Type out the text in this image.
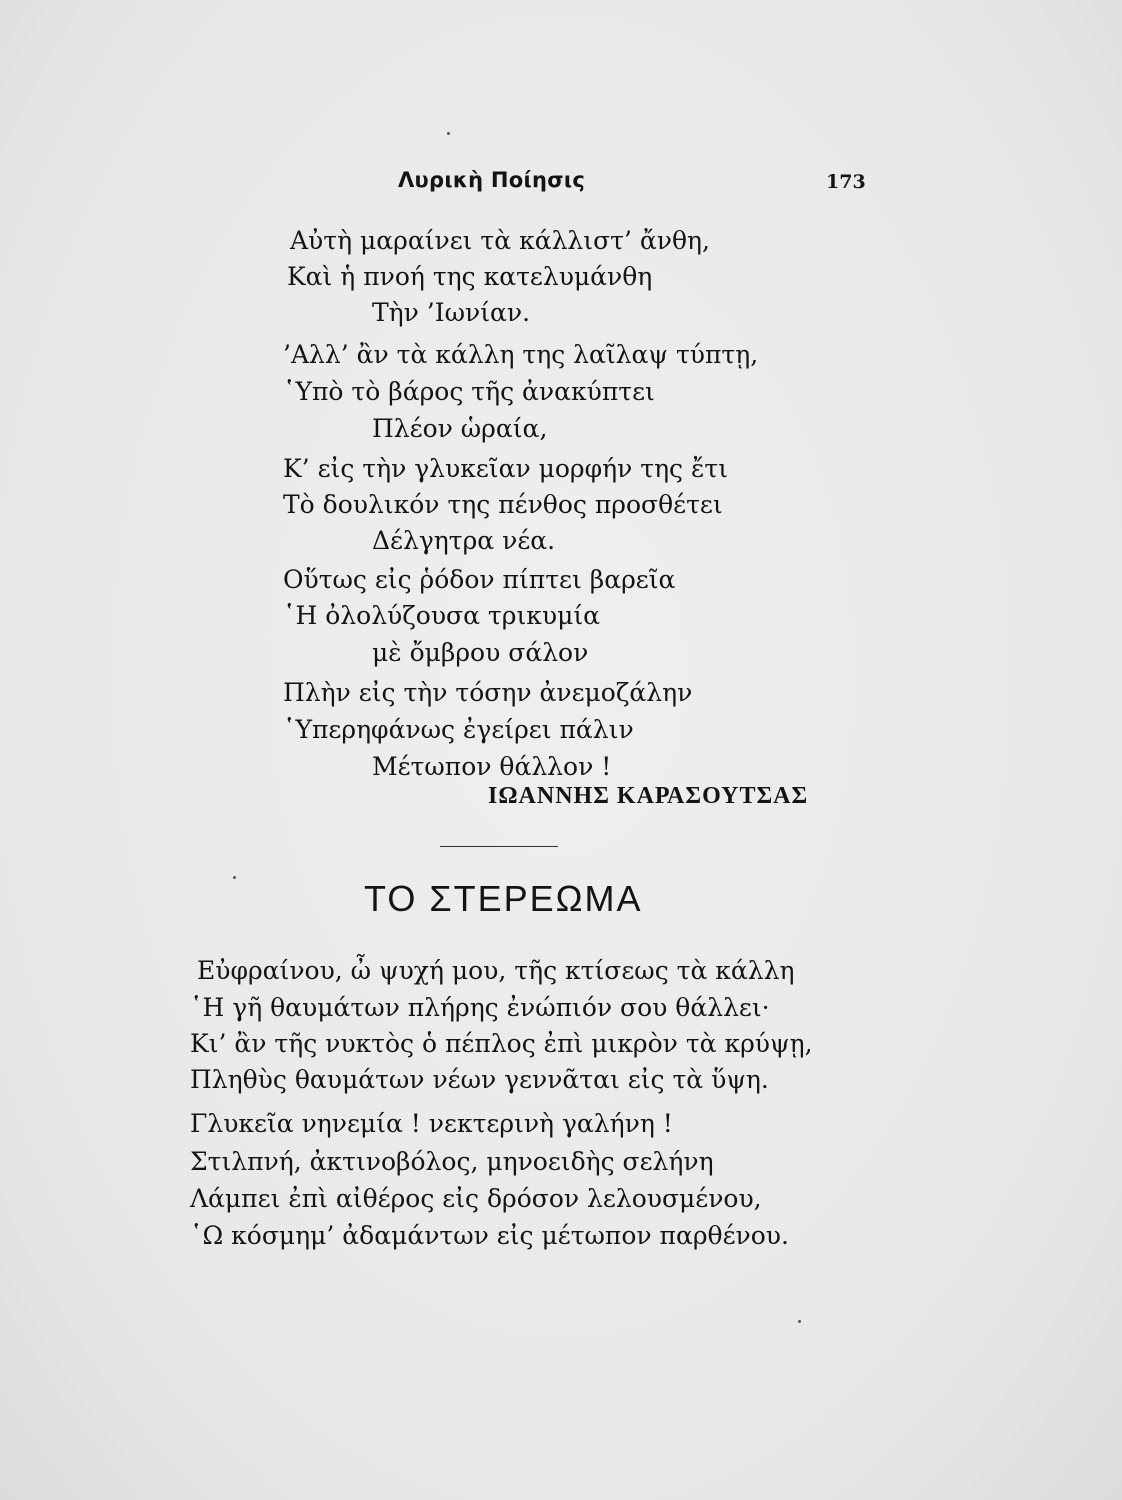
Λυρικὴ Ποίησις	173
Αὐτὴ μαραίνει τὰ κάλλιστ’ ἄνθη,
Καὶ ἡ πνοή της κατελυμάνθη
Τὴν ’Ιωνίαν.
’Αλλ’ ἂν τὰ κάλλη της λαῖλαψ τύπτῃ,
῾Υπὸ τὸ βάρος τῆς ἀνακύπτει
Πλέον ὡραία,
Κ’ εἰς τὴν γλυκεῖαν μορφήν της ἔτι
Τὸ δουλικόν της πένθος προσθέτει
Δέλγητρα νέα.
Οὕτως εἰς ῥόδον πίπτει βαρεῖα
῾Η ὀλολύζουσα τρικυμία
μὲ ὄμβρου σάλον
Πλὴν εἰς τὴν τόσην ἀνεμοζάλην
῾Υπερηφάνως ἐγείρει πάλιν
Μέτωπον θάλλον !
ΙΩΑΝΝΗΣ ΚΑΡΑΣΟΥΤΣΑΣ
ΤΟ ΣΤΕΡΕΩΜΑ
Εὐφραίνου, ὦ ψυχή μου, τῆς κτίσεως τὰ κάλλη
῾Η γῆ θαυμάτων πλήρης ἐνώπιόν σου θάλλει·
Κι’ ἂν τῆς νυκτὸς ὁ πέπλος ἐπὶ μικρὸν τὰ κρύψῃ,
Πληθὺς θαυμάτων νέων γεννᾶται εἰς τὰ ὕψη.
Γλυκεῖα νηνεμία ! νεκτερινὴ γαλήνη !
Στιλπνή, ἀκτινοβόλος, μηνοειδὴς σελήνη
Λάμπει ἐπὶ αἰθέρος εἰς δρόσον λελουσμένου,
῾Ω κόσμημ’ ἀδαμάντων εἰς μέτωπον παρθένου.
